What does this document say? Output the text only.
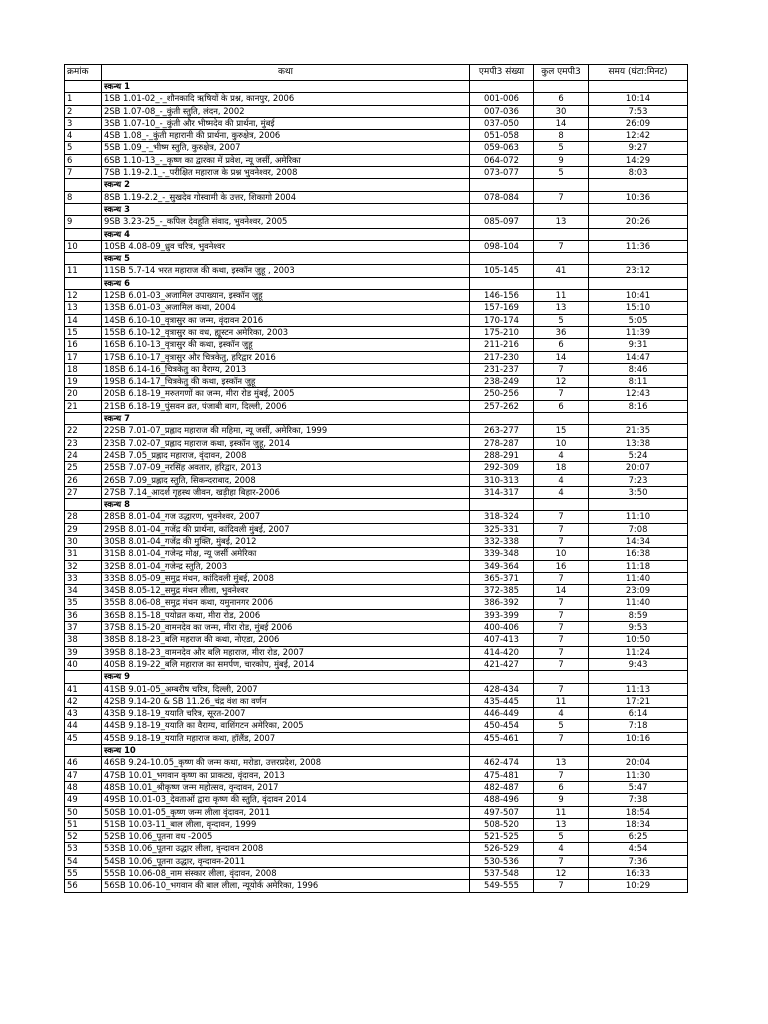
क्रमांक	कथा	एमपी3 संख्या	कुल एमपी3	समय (घंटा:मिनट)
	स्कन्ध 1			
1	1SB 1.01-02_-_शौनकादि ऋषियों के प्रश्न, कानपुर, 2006	001-006	6	10:14
2	2SB 1.07-08_-_कुंती स्तुति, लंदन, 2002	007-036	30	7:53
3	3SB 1.07-10_-_कुंती और भीष्मदेव की प्रार्थना, मुंबई	037-050	14	26:09
4	4SB 1.08_-_कुंती महारानी की प्रार्थना, कुरुक्षेत्र, 2006	051-058	8	12:42
5	5SB 1.09_-_भीष्म स्तुति, कुरुक्षेत्र, 2007	059-063	5	9:27
6	6SB 1.10-13_-_कृष्ण का द्वारका में प्रवेश, न्यू जर्सी, अमेरिका	064-072	9	14:29
7	7SB 1.19-2.1_-_परीक्षित महाराज के प्रश्न भुवनेश्वर, 2008	073-077	5	8:03
	स्कन्ध 2			
8	8SB 1.19-2.2_-_सुखदेव गोस्वामी के उत्तर, शिकागो 2004	078-084	7	10:36
	स्कन्ध 3			
9	9SB 3.23-25_-_कपिल देवहूति संवाद, भुवनेश्वर, 2005	085-097	13	20:26
	स्कन्ध 4			
10	10SB 4.08-09_ध्रुव चरित्र, भुवनेश्वर	098-104	7	11:36
	स्कन्ध 5			
11	11SB 5.7-14 भरत महाराज की कथा, इस्कॉन जुहू , 2003	105-145	41	23:12
	स्कन्ध 6			
12	12SB 6.01-03_अजामिल उपाख्यान, इस्कॉन जुहू	146-156	11	10:41
13	13SB 6.01-03_अजामिल कथा, 2004	157-169	13	15:10
14	14SB 6.10-10_वृत्रासुर का जन्म, वृंदावन 2016	170-174	5	5:05
15	15SB 6.10-12_वृत्रासुर का वध, ह्यूस्टन अमेरिका, 2003	175-210	36	11:39
16	16SB 6.10-13_वृत्रासुर की कथा, इस्कॉन जुहू	211-216	6	9:31
17	17SB 6.10-17_वृत्रासुर और चित्रकेतु, हरिद्वार 2016	217-230	14	14:47
18	18SB 6.14-16_चित्रकेतु का वैराग्य, 2013	231-237	7	8:46
19	19SB 6.14-17_चित्रकेतु की कथा, इस्कॉन जुहू	238-249	12	8:11
20	20SB 6.18-19_मरुतगणों का जन्म, मीरा रोड मुंबई, 2005	250-256	7	12:43
21	21SB 6.18-19_पुंसवन व्रत, पंजाबी बाग, दिल्ली, 2006	257-262	6	8:16
	स्कन्ध 7			
22	22SB 7.01-07_प्रह्लाद महाराज की महिमा, न्यू जर्सी, अमेरिका, 1999	263-277	15	21:35
23	23SB 7.02-07_प्रह्लाद महाराज कथा, इस्कॉन जुहू, 2014	278-287	10	13:38
24	24SB 7.05_प्रह्लाद महाराज, वृंदावन, 2008	288-291	4	5:24
25	25SB 7.07-09_नरसिंह अवतार, हरिद्वार, 2013	292-309	18	20:07
26	26SB 7.09_प्रह्लाद स्तुति, सिकन्दराबाद, 2008	310-313	4	7:23
27	27SB 7.14_आदर्श गृहस्थ जीवन, खड़ीहा बिहार-2006	314-317	4	3:50
	स्कन्ध 8			
28	28SB 8.01-04_गज उद्धारण, भुवनेश्वर, 2007	318-324	7	11:10
29	29SB 8.01-04_गजेंद्र की प्रार्थना, कांदिवली मुंबई, 2007	325-331	7	7:08
30	30SB 8.01-04_गजेंद्र की मुक्ति, मुंबई, 2012	332-338	7	14:34
31	31SB 8.01-04_गजेन्द्र मोक्ष, न्यू जर्सी अमेरिका	339-348	10	16:38
32	32SB 8.01-04_गजेन्द्र स्तुति, 2003	349-364	16	11:18
33	33SB 8.05-09_समुद्र मंथन, कांदिवली मुंबई, 2008	365-371	7	11:40
34	34SB 8.05-12_समुद्र मंथन लीला, भुवनेश्वर	372-385	14	23:09
35	35SB 8.06-08_समुद्र मंथन कथा, यमुनानगर 2006	386-392	7	11:40
36	36SB 8.15-18_पयोव्रत कथा, मीरा रोड, 2006	393-399	7	8:59
37	37SB 8.15-20_वामनदेव का जन्म, मीरा रोड, मुंबई 2006	400-406	7	9:53
38	38SB 8.18-23_बलि महराज की कथा, नोएडा, 2006	407-413	7	10:50
39	39SB 8.18-23_वामनदेव और बलि महाराज, मीरा रोड, 2007	414-420	7	11:24
40	40SB 8.19-22_बलि महाराज का समर्पण, चारकोप, मुंबई, 2014	421-427	7	9:43
	स्कन्ध 9			
41	41SB 9.01-05_अम्बरीष चरित्र, दिल्ली, 2007	428-434	7	11:13
42	42SB 9.14-20 & SB 11.26_चंद्र वंश का वर्णन	435-445	11	17:21
43	43SB 9.18-19_ययाति चरित्र, सूरत-2007	446-449	4	6:14
44	44SB 9.18-19_ययाति का वैराग्य, वाशिंगटन अमेरिका, 2005	450-454	5	7:18
45	45SB 9.18-19_ययाति महाराज कथा, हॉलैंड, 2007	455-461	7	10:16
	स्कन्ध 10			
46	46SB 9.24-10.05_कृष्ण की जन्म कथा, मरोडा, उत्तरप्रदेश, 2008	462-474	13	20:04
47	47SB 10.01_भगवान कृष्ण का प्राकट्य, वृंदावन, 2013	475-481	7	11:30
48	48SB 10.01_श्रीकृष्ण जन्म महोत्सव, वृन्दावन, 2017	482-487	6	5:47
49	49SB 10.01-03_देवताओं द्वारा कृष्ण की स्तुति, वृंदावन 2014	488-496	9	7:38
50	50SB 10.01-05_कृष्ण जन्म लीला वृंदावन, 2011	497-507	11	18:54
51	51SB 10.03-11_बाल लीला, वृन्दावन, 1999	508-520	13	18:34
52	52SB 10.06_पूतना वध -2005	521-525	5	6:25
53	53SB 10.06_पूतना उद्धार लीला, वृन्दावन 2008	526-529	4	4:54
54	54SB 10.06_पूतना उद्धार, वृन्दावन-2011	530-536	7	7:36
55	55SB 10.06-08_नाम संस्कार लीला, वृंदावन, 2008	537-548	12	16:33
56	56SB 10.06-10_भगवान की बाल लीला, न्यूयोर्क अमेरिका, 1996	549-555	7	10:29
